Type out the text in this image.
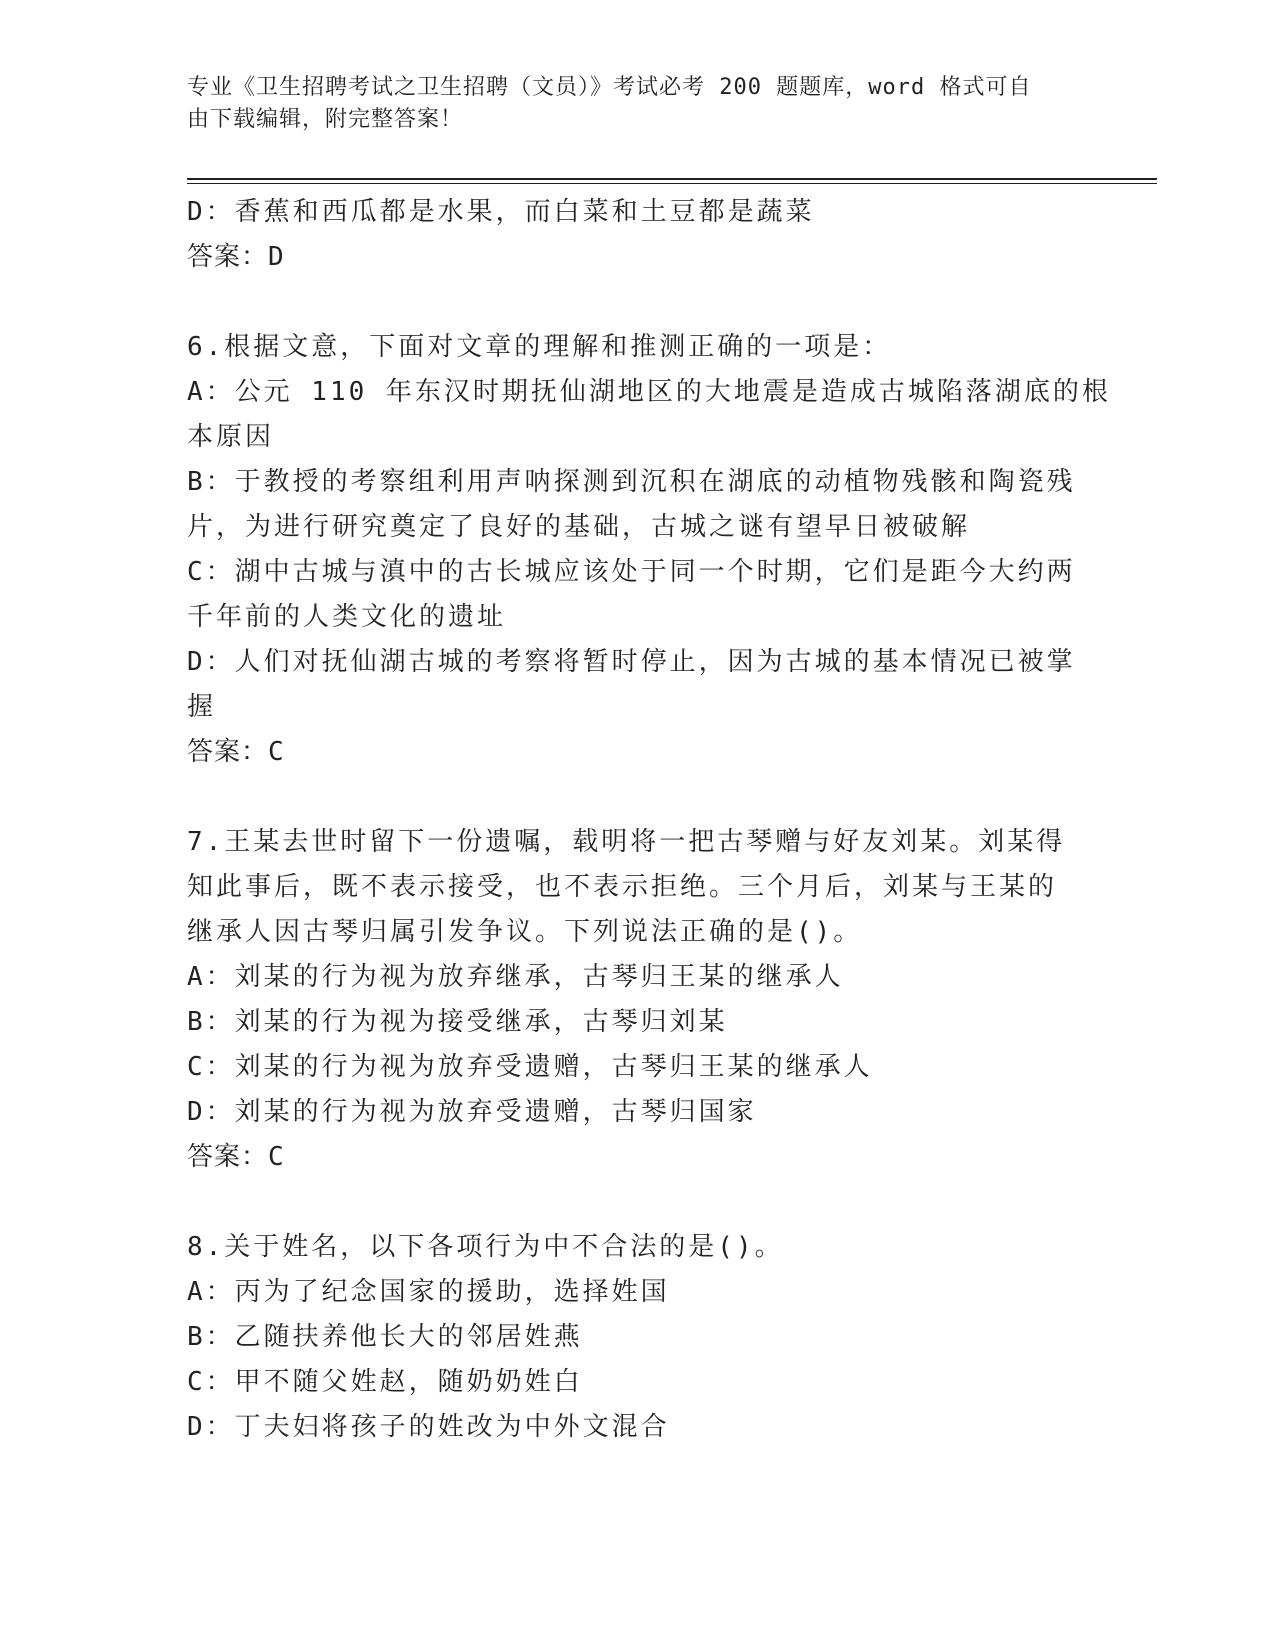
专业《卫生招聘考试之卫生招聘（文员）》考试必考 200 题题库，word 格式可自
由下载编辑，附完整答案！
D：香蕉和西瓜都是水果，而白菜和土豆都是蔬菜
答案：D
6.根据文意，下面对文章的理解和推测正确的一项是：
A：公元 110 年东汉时期抚仙湖地区的大地震是造成古城陷落湖底的根
本原因
B：于教授的考察组利用声呐探测到沉积在湖底的动植物残骸和陶瓷残
片，为进行研究奠定了良好的基础，古城之谜有望早日被破解
C：湖中古城与滇中的古长城应该处于同一个时期，它们是距今大约两
千年前的人类文化的遗址
D：人们对抚仙湖古城的考察将暂时停止，因为古城的基本情况已被掌
握
答案：C
7.王某去世时留下一份遗嘱，载明将一把古琴赠与好友刘某。刘某得
知此事后，既不表示接受，也不表示拒绝。三个月后，刘某与王某的
继承人因古琴归属引发争议。下列说法正确的是()。
A：刘某的行为视为放弃继承，古琴归王某的继承人
B：刘某的行为视为接受继承，古琴归刘某
C：刘某的行为视为放弃受遗赠，古琴归王某的继承人
D：刘某的行为视为放弃受遗赠，古琴归国家
答案：C
8.关于姓名，以下各项行为中不合法的是()。
A：丙为了纪念国家的援助，选择姓国
B：乙随扶养他长大的邻居姓燕
C：甲不随父姓赵，随奶奶姓白
D：丁夫妇将孩子的姓改为中外文混合
